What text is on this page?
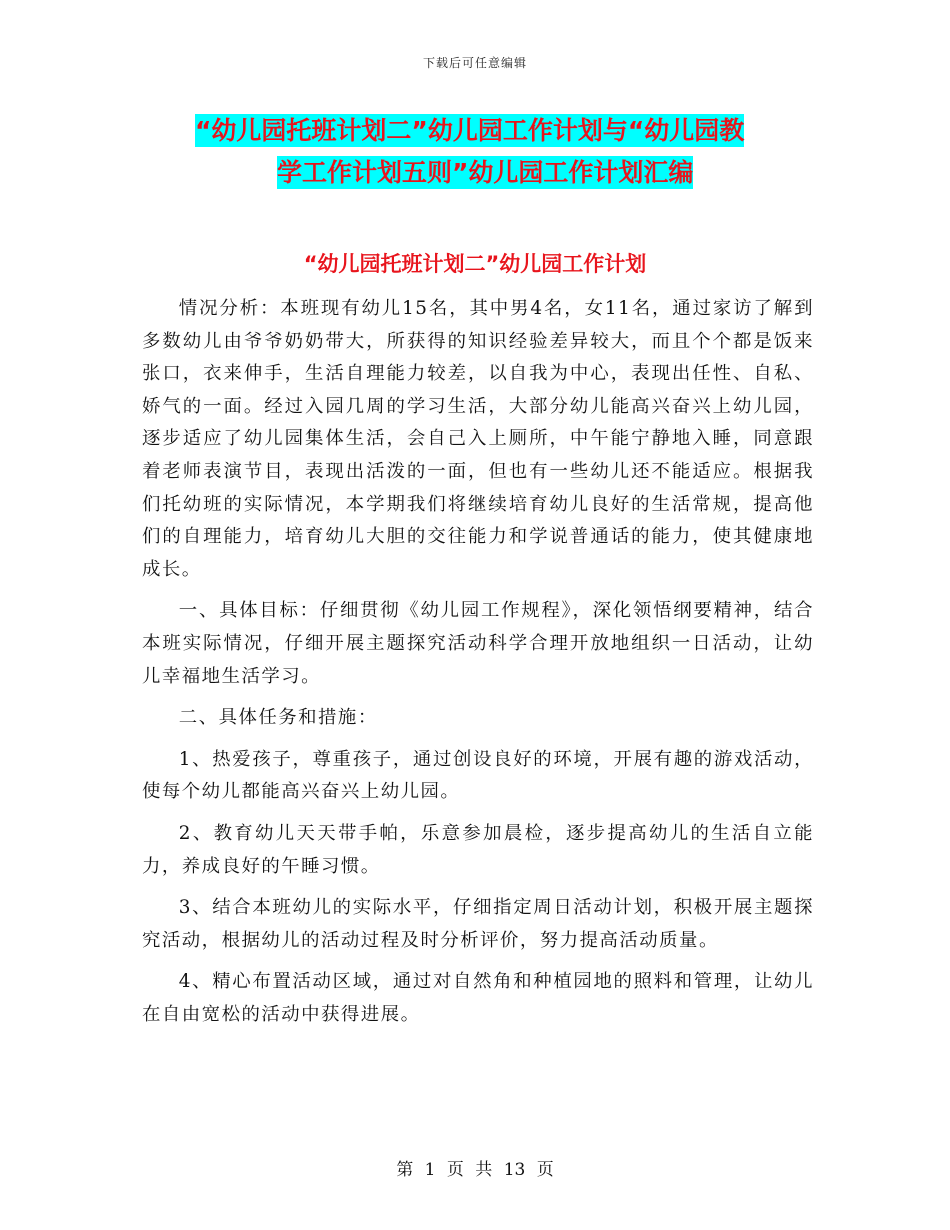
下载后可任意编辑
“幼儿园托班计划二”幼儿园工作计划与“幼儿园教
学工作计划五则”幼儿园工作计划汇编
“幼儿园托班计划二”幼儿园工作计划

情况分析：本班现有幼儿15名，其中男4名，女11名，通过家访了解到多数幼儿由爷爷奶奶带大，所获得的知识经验差异较大，而且个个都是饭来张口，衣来伸手，生活自理能力较差，以自我为中心，表现出任性、自私、娇气的一面。经过入园几周的学习生活，大部分幼儿能高兴奋兴上幼儿园，逐步适应了幼儿园集体生活，会自己入上厕所，中午能宁静地入睡，同意跟着老师表演节目，表现出活泼的一面，但也有一些幼儿还不能适应。根据我们托幼班的实际情况，本学期我们将继续培育幼儿良好的生活常规，提高他们的自理能力，培育幼儿大胆的交往能力和学说普通话的能力，使其健康地成长。

一、具体目标：仔细贯彻《幼儿园工作规程》，深化领悟纲要精神，结合本班实际情况，仔细开展主题探究活动科学合理开放地组织一日活动，让幼儿幸福地生活学习。

二、具体任务和措施：

1、热爱孩子，尊重孩子，通过创设良好的环境，开展有趣的游戏活动，使每个幼儿都能高兴奋兴上幼儿园。

2、教育幼儿天天带手帕，乐意参加晨检，逐步提高幼儿的生活自立能力，养成良好的午睡习惯。

3、结合本班幼儿的实际水平，仔细指定周日活动计划，积极开展主题探究活动，根据幼儿的活动过程及时分析评价，努力提高活动质量。

4、精心布置活动区域，通过对自然角和种植园地的照料和管理，让幼儿在自由宽松的活动中获得进展。

第 1 页 共 13 页
